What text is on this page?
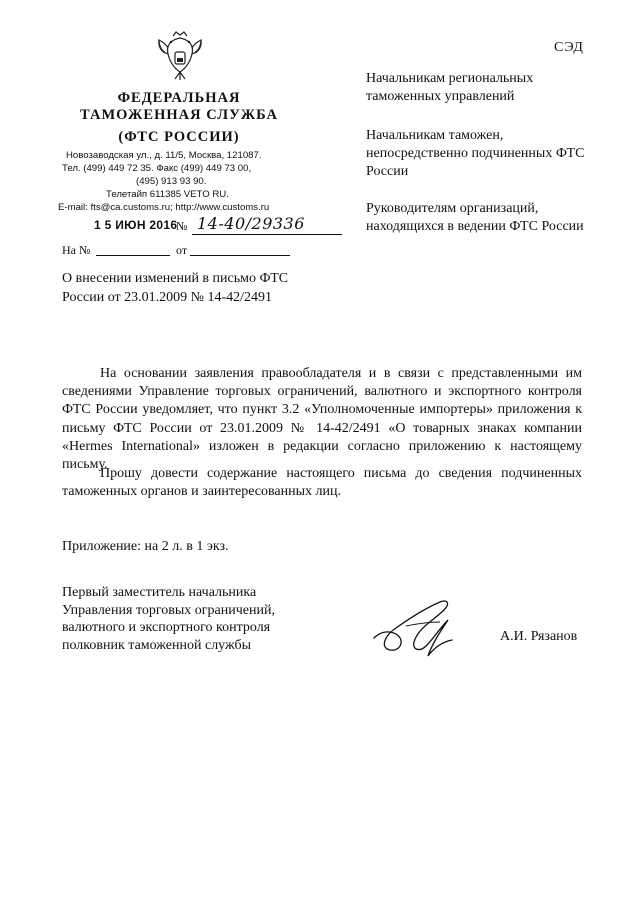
ФЕДЕРАЛЬНАЯ
ТАМОЖЕННАЯ СЛУЖБА
(ФТС РОССИИ)
Новозаводская ул., д. 11/5, Москва, 121087.
Тел. (499) 449 72 35. Факс (499) 449 73 00,
(495) 913 93 90.
Телетайп 611385 VETO RU.
E-mail: fts@ca.customs.ru; http://www.customs.ru
1 5 ИЮН 2016
№ 14-40/29336
На №	от
О внесении изменений в письмо ФТС России от 23.01.2009 № 14-42/2491
СЭД
Начальникам региональных таможенных управлений
Начальникам таможен, непосредственно подчиненных ФТС России
Руководителям организаций, находящихся в ведении ФТС России
На основании заявления правообладателя и в связи с представленными им сведениями Управление торговых ограничений, валютного и экспортного контроля ФТС России уведомляет, что пункт 3.2 «Уполномоченные импортеры» приложения к письму ФТС России от 23.01.2009 № 14-42/2491 «О товарных знаках компании «Hermes International» изложен в редакции согласно приложению к настоящему письму.
Прошу довести содержание настоящего письма до сведения подчиненных таможенных органов и заинтересованных лиц.
Приложение: на 2 л. в 1 экз.
Первый заместитель начальника
Управления торговых ограничений,
валютного и экспортного контроля
полковник таможенной службы
А.И. Рязанов
